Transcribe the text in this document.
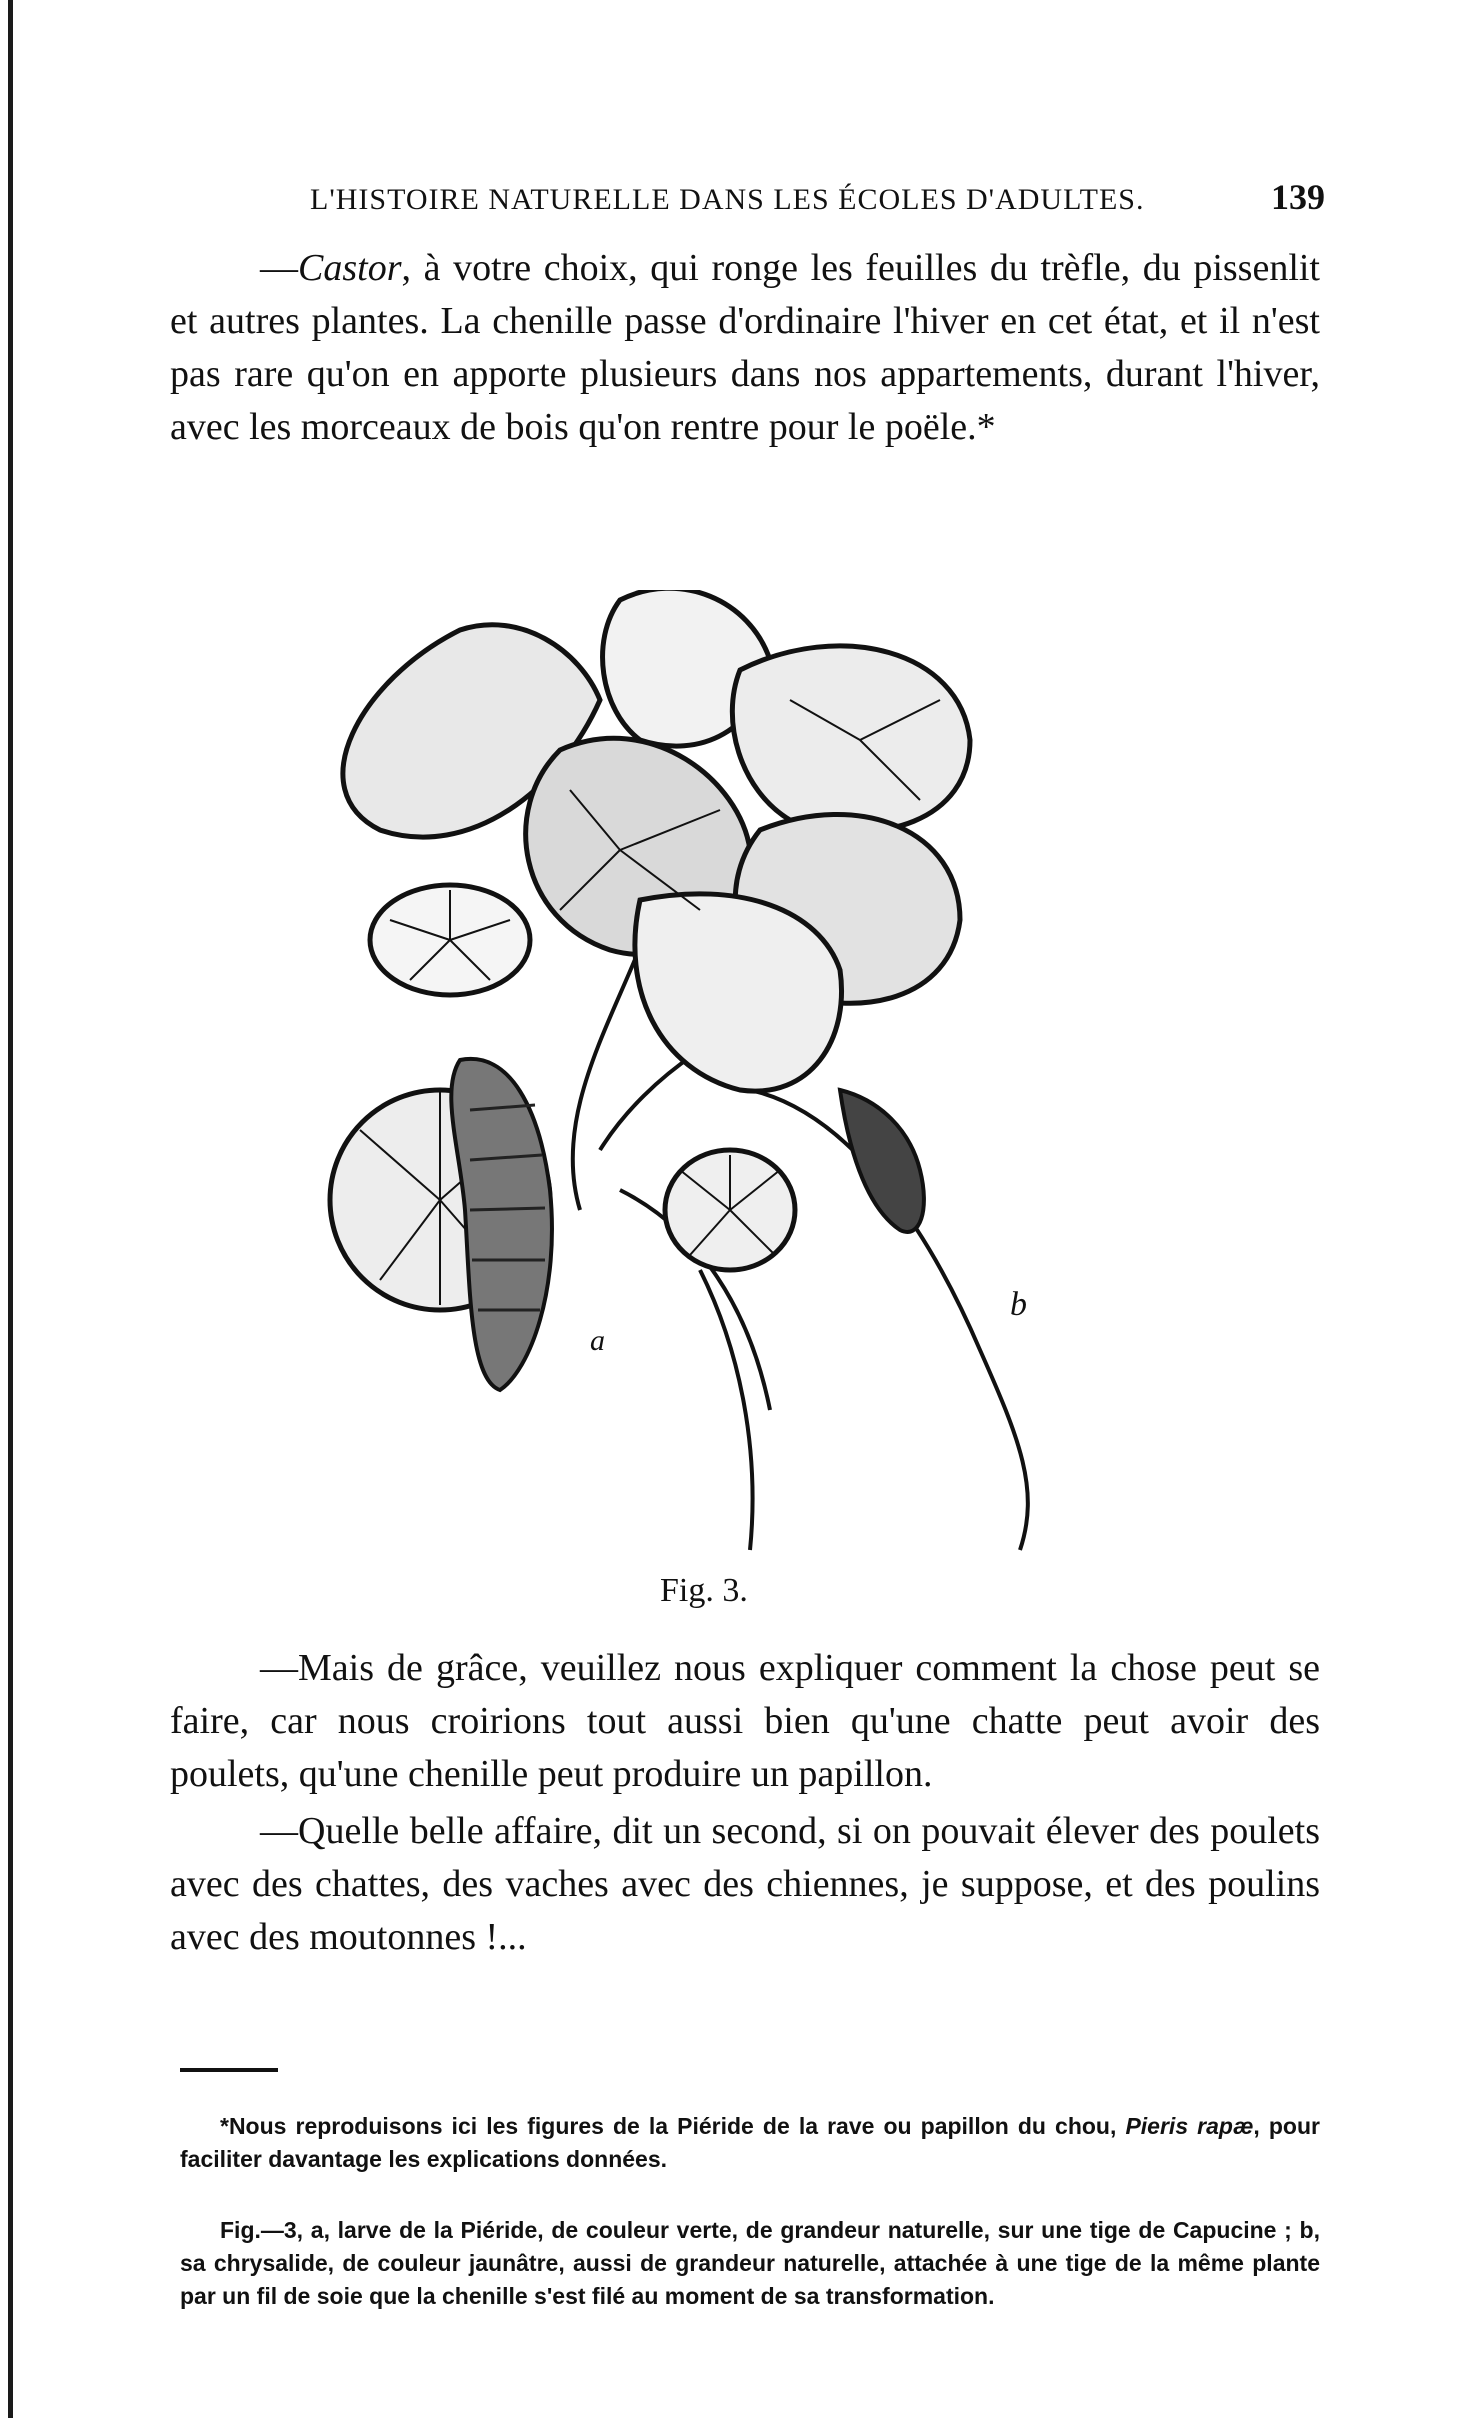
L'HISTOIRE NATURELLE DANS LES ÉCOLES D'ADULTES.	139

—Castor, à votre choix, qui ronge les feuilles du trèfle, du pissenlit et autres plantes. La chenille passe d'ordinaire l'hiver en cet état, et il n'est pas rare qu'on en apporte plusieurs dans nos appartements, durant l'hiver, avec les morceaux de bois qu'on rentre pour le poële.*

a
b
Fig. 3.

—Mais de grâce, veuillez nous expliquer comment la chose peut se faire, car nous croirions tout aussi bien qu'une chatte peut avoir des poulets, qu'une chenille peut produire un papillon.

—Quelle belle affaire, dit un second, si on pouvait élever des poulets avec des chattes, des vaches avec des chiennes, je suppose, et des poulins avec des moutonnes !...

*Nous reproduisons ici les figures de la Piéride de la rave ou papillon du chou, Pieris rapæ, pour faciliter davantage les explications données.

Fig.—3, a, larve de la Piéride, de couleur verte, de grandeur naturelle, sur une tige de Capucine ; b, sa chrysalide, de couleur jaunâtre, aussi de grandeur naturelle, attachée à une tige de la même plante par un fil de soie que la chenille s'est filé au moment de sa transformation.
